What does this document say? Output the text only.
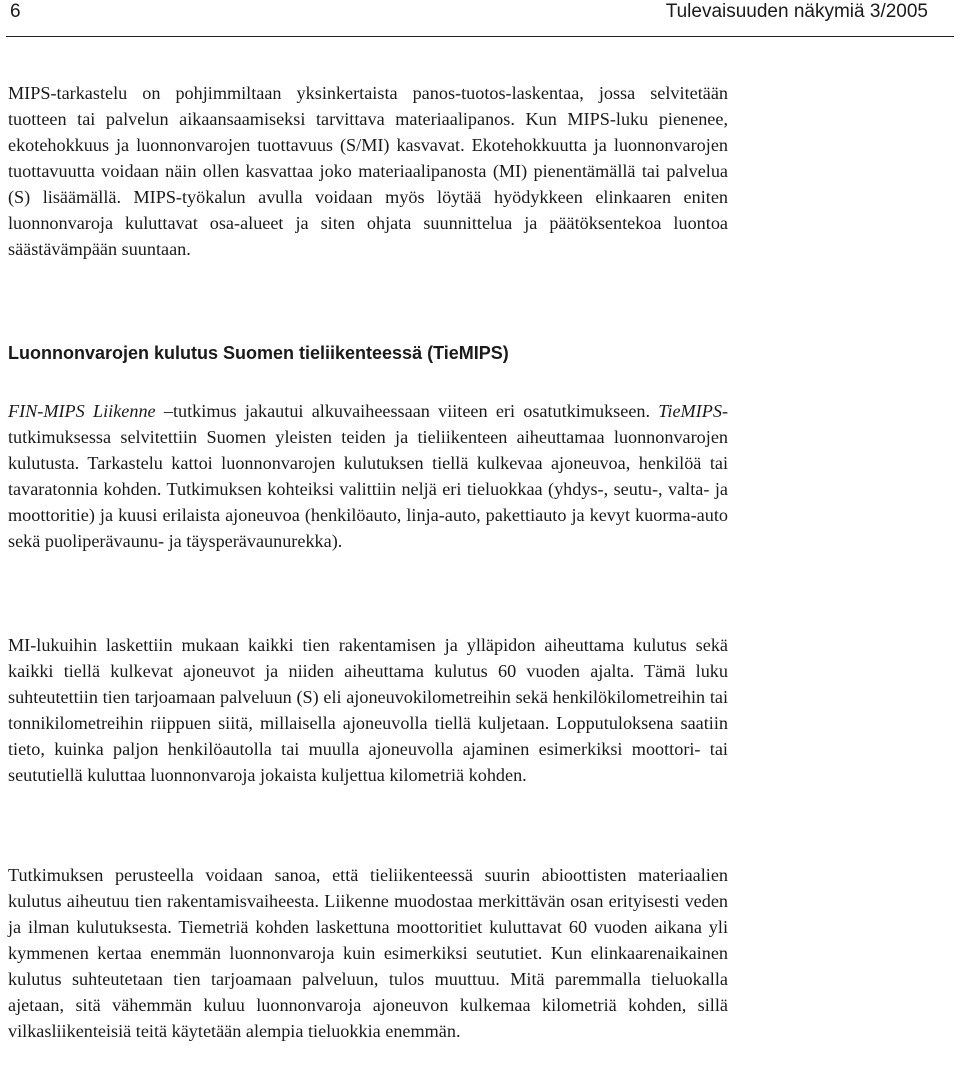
6	Tulevaisuuden näkymiä 3/2005

MIPS-tarkastelu on pohjimmiltaan yksinkertaista panos-tuotos-laskentaa, jossa selvitetään tuotteen tai palvelun aikaansaamiseksi tarvittava materiaalipanos. Kun MIPS-luku pienenee, ekotehokkuus ja luonnonvarojen tuottavuus (S/MI) kasvavat. Ekotehokkuutta ja luonnonvarojen tuottavuutta voidaan näin ollen kasvattaa joko materiaalipanosta (MI) pienentämällä tai palvelua (S) lisäämällä. MIPS-työkalun avulla voidaan myös löytää hyödykkeen elinkaaren eniten luonnonvaroja kuluttavat osa-alueet ja siten ohjata suunnittelua ja päätöksentekoa luontoa säästävämpään suuntaan.

Luonnonvarojen kulutus Suomen tieliikenteessä (TieMIPS)

FIN-MIPS Liikenne –tutkimus jakautui alkuvaiheessaan viiteen eri osatutkimukseen. TieMIPS-tutkimuksessa selvitettiin Suomen yleisten teiden ja tieliikenteen aiheuttamaa luonnonvarojen kulutusta. Tarkastelu kattoi luonnonvarojen kulutuksen tiellä kulkevaa ajoneuvoa, henkilöä tai tavaratonnia kohden. Tutkimuksen kohteiksi valittiin neljä eri tieluokkaa (yhdys-, seutu-, valta- ja moottoritie) ja kuusi erilaista ajoneuvoa (henkilöauto, linja-auto, pakettiauto ja kevyt kuorma-auto sekä puoliperävaunu- ja täysperävaunurekka).

MI-lukuihin laskettiin mukaan kaikki tien rakentamisen ja ylläpidon aiheuttama kulutus sekä kaikki tiellä kulkevat ajoneuvot ja niiden aiheuttama kulutus 60 vuoden ajalta. Tämä luku suhteutettiin tien tarjoamaan palveluun (S) eli ajoneuvokilometreihin sekä henkilökilometreihin tai tonnikilometreihin riippuen siitä, millaisella ajoneuvolla tiellä kuljetaan. Lopputuloksena saatiin tieto, kuinka paljon henkilöautolla tai muulla ajoneuvolla ajaminen esimerkiksi moottori- tai seututiellä kuluttaa luonnonvaroja jokaista kuljettua kilometriä kohden.

Tutkimuksen perusteella voidaan sanoa, että tieliikenteessä suurin abioottisten materiaalien kulutus aiheutuu tien rakentamisvaiheesta. Liikenne muodostaa merkittävän osan erityisesti veden ja ilman kulutuksesta. Tiemetriä kohden laskettuna moottoritiet kuluttavat 60 vuoden aikana yli kymmenen kertaa enemmän luonnonvaroja kuin esimerkiksi seututiet. Kun elinkaarenaikainen kulutus suhteutetaan tien tarjoamaan palveluun, tulos muuttuu. Mitä paremmalla tieluokalla ajetaan, sitä vähemmän kuluu luonnonvaroja ajoneuvon kulkemaa kilometriä kohden, sillä vilkasliikenteisiä teitä käytetään alempia tieluokkia enemmän.
